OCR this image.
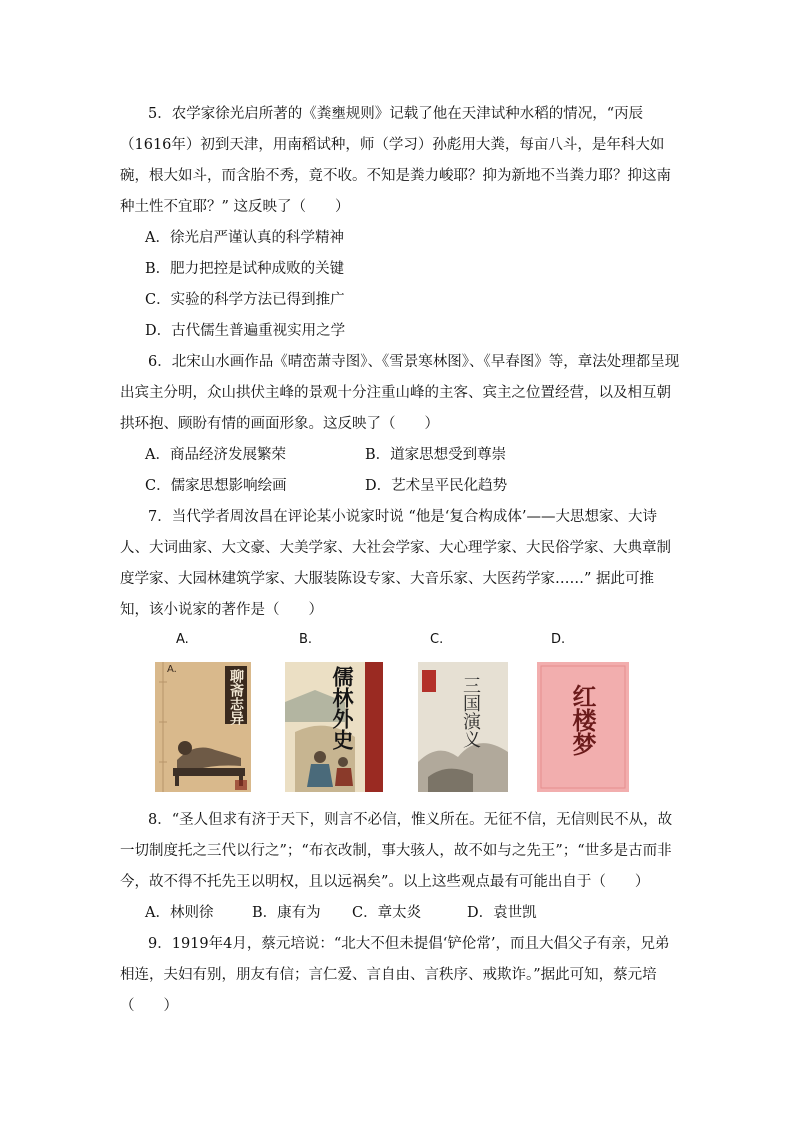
5．农学家徐光启所著的《粪壅规则》记载了他在天津试种水稻的情况，“丙辰（1616年）初到天津，用南稻试种，师（学习）孙彪用大粪，每亩八斗，是年科大如碗，根大如斗，而含胎不秀，竟不收。不知是粪力峻耶？抑为新地不当粪力耶？抑这南种土性不宜耶？” 这反映了（　　）

A．徐光启严谨认真的科学精神
B．肥力把控是试种成败的关键
C．实验的科学方法已得到推广
D．古代儒生普遍重视实用之学

6．北宋山水画作品《晴峦萧寺图》、《雪景寒林图》、《早春图》等，章法处理都呈现出宾主分明，众山拱伏主峰的景观十分注重山峰的主客、宾主之位置经营，以及相互朝拱环抱、顾盼有情的画面形象。这反映了（　　）

A．商品经济发展繁荣	B．道家思想受到尊崇
C．儒家思想影响绘画	D．艺术呈平民化趋势

7．当代学者周汝昌在评论某小说家时说 “他是‘复合构成体’——大思想家、大诗人、大词曲家、大文豪、大美学家、大社会学家、大心理学家、大民俗学家、大典章制度学家、大园林建筑学家、大服装陈设专家、大音乐家、大医药学家……” 据此可推知，该小说家的著作是（　　）

A.	B.	C.	D.
聊斋志异
A.	儒林外史	三国演义	红楼梦

8．“圣人但求有济于天下，则言不必信，惟义所在。无征不信，无信则民不从，故一切制度托之三代以行之”；“布衣改制，事大骇人，故不如与之先王”；“世多是古而非今，故不得不托先王以明权，且以远祸矣”。以上这些观点最有可能出自于（　　）

A．林则徐	B．康有为 C．章太炎	D．袁世凯

9．1919年4月，蔡元培说：“北大不但未提倡‘铲伦常’，而且大倡父子有亲，兄弟相连，夫妇有别，朋友有信；言仁爱、言自由、言秩序、戒欺诈。”据此可知，蔡元培（　　）
